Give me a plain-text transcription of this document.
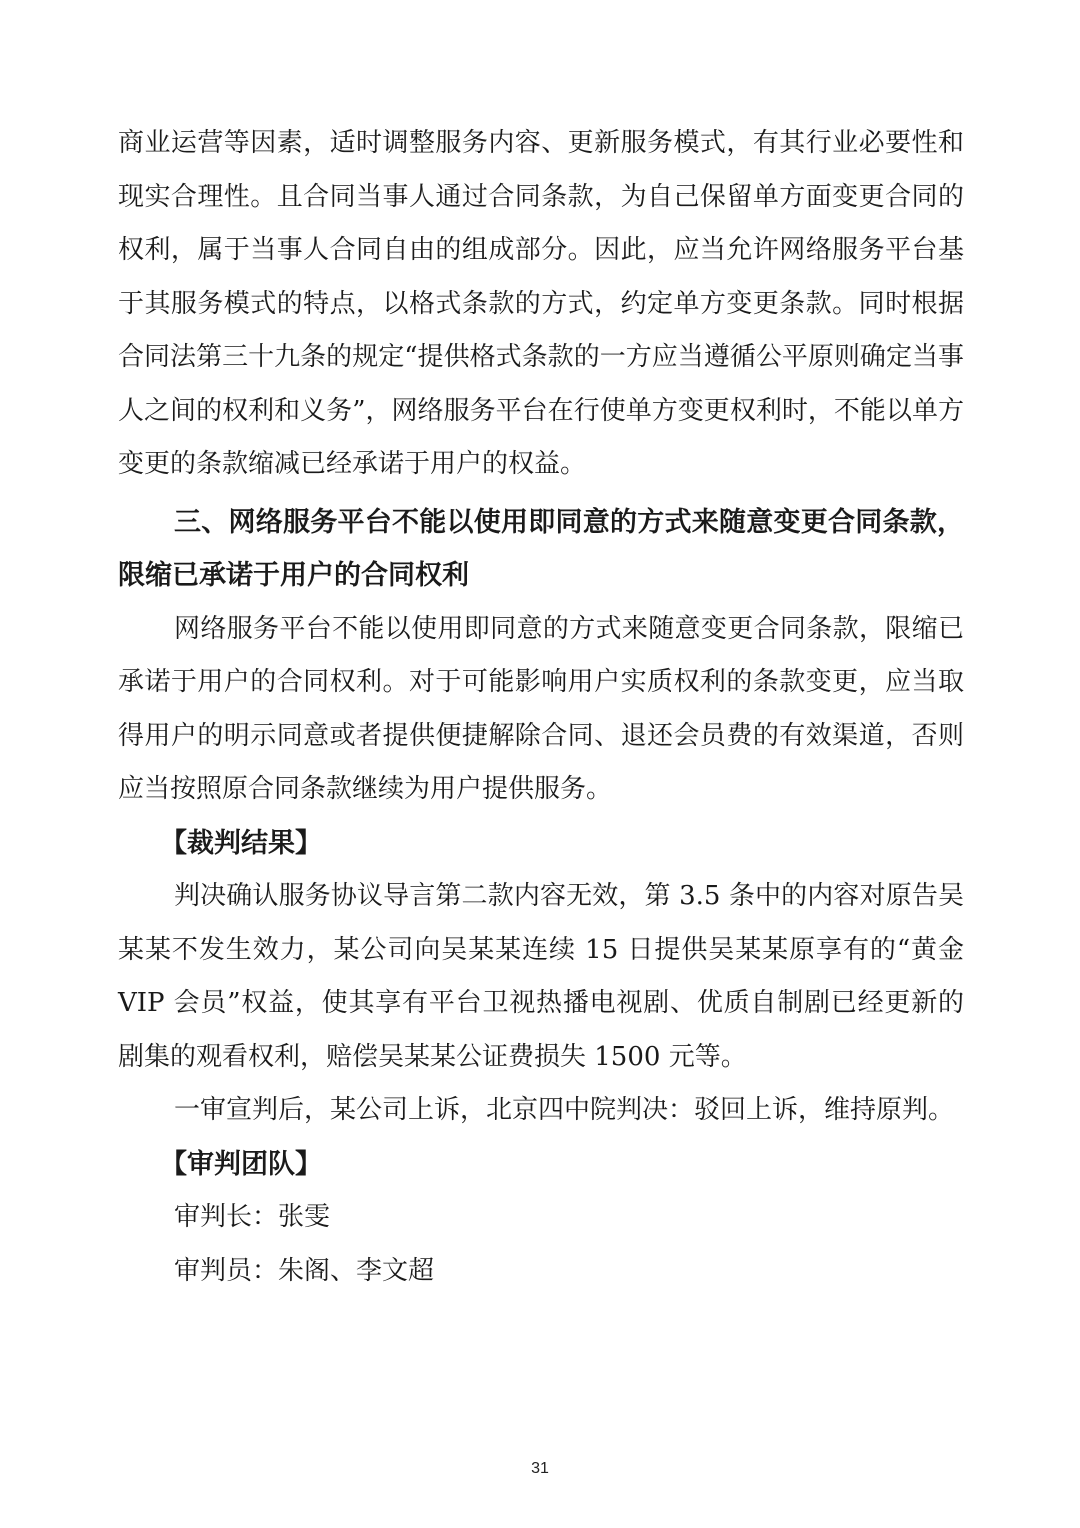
商业运营等因素，适时调整服务内容、更新服务模式，有其行业必要性和现实合理性。且合同当事人通过合同条款，为自己保留单方面变更合同的权利，属于当事人合同自由的组成部分。因此，应当允许网络服务平台基于其服务模式的特点，以格式条款的方式，约定单方变更条款。同时根据合同法第三十九条的规定“提供格式条款的一方应当遵循公平原则确定当事人之间的权利和义务”，网络服务平台在行使单方变更权利时，不能以单方变更的条款缩减已经承诺于用户的权益。

三、网络服务平台不能以使用即同意的方式来随意变更合同条款，限缩已承诺于用户的合同权利

网络服务平台不能以使用即同意的方式来随意变更合同条款，限缩已承诺于用户的合同权利。对于可能影响用户实质权利的条款变更，应当取得用户的明示同意或者提供便捷解除合同、退还会员费的有效渠道，否则应当按照原合同条款继续为用户提供服务。

【裁判结果】

判决确认服务协议导言第二款内容无效，第 3.5 条中的内容对原告吴某某不发生效力，某公司向吴某某连续 15 日提供吴某某原享有的“黄金 VIP 会员”权益，使其享有平台卫视热播电视剧、优质自制剧已经更新的剧集的观看权利，赔偿吴某某公证费损失 1500 元等。

一审宣判后，某公司上诉，北京四中院判决：驳回上诉，维持原判。

【审判团队】

审判长：张雯

审判员：朱阁、李文超

31
